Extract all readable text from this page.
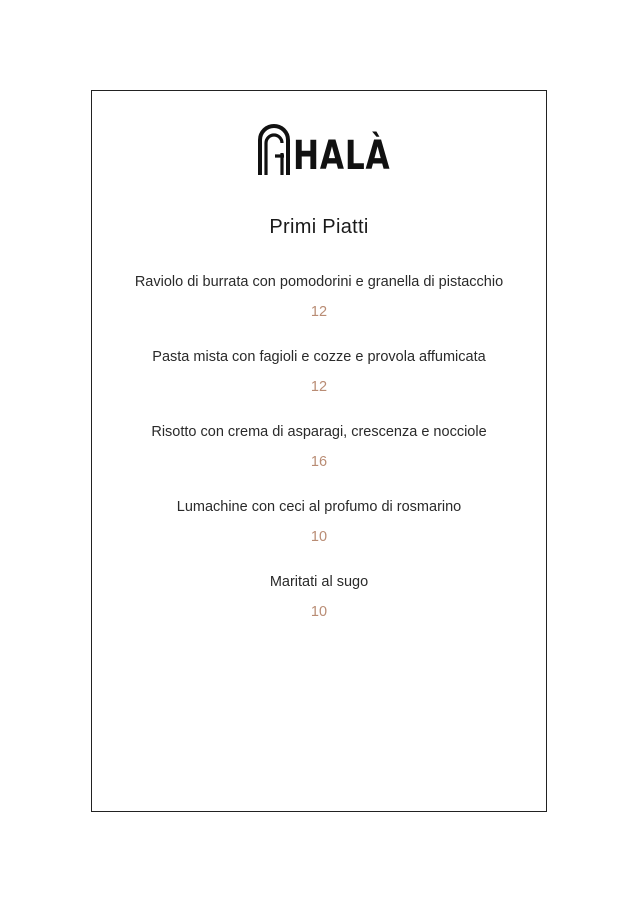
HALÀ
Primi Piatti
Raviolo di burrata con pomodorini e granella di pistacchio
12
Pasta mista con fagioli e cozze e provola affumicata
12
Risotto con crema di asparagi, crescenza e nocciole
16
Lumachine con ceci al profumo di rosmarino
10
Maritati al sugo
10
